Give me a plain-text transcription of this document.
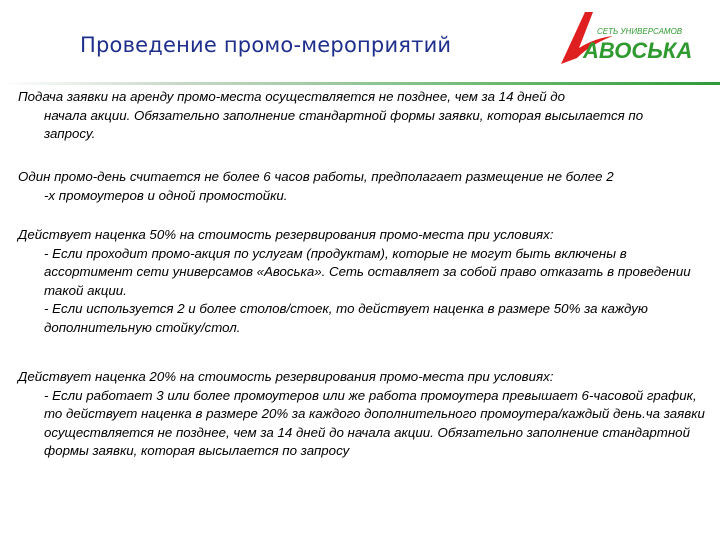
Проведение промо-мероприятий
СЕТЬ УНИВЕРСАМОВ
АВОСЬКА
Подача заявки на аренду промо-места осуществляется не позднее, чем за 14 дней до
начала акции. Обязательно заполнение стандартной формы заявки, которая высылается по запросу.
Один промо-день считается не более 6 часов работы, предполагает размещение не более 2
-х промоутеров и одной промостойки.
Действует наценка 50% на стоимость резервирования промо-места при условиях:
- Если проходит промо-акция по услугам (продуктам), которые не могут быть включены в ассортимент сети универсамов «Авоська». Сеть оставляет за собой право отказать в проведении такой акции.
- Если используется 2 и более столов/стоек, то действует наценка в размере 50% за каждую дополнительную стойку/стол.
Действует наценка 20% на стоимость резервирования промо-места при условиях:
- Если работает 3 или более промоутеров или же работа промоутера превышает 6-часовой график, то действует наценка в размере 20% за каждого дополнительного промоутера/каждый день.ча заявки осуществляется не позднее, чем за 14 дней до начала акции. Обязательно заполнение стандартной формы заявки, которая высылается по запросу
